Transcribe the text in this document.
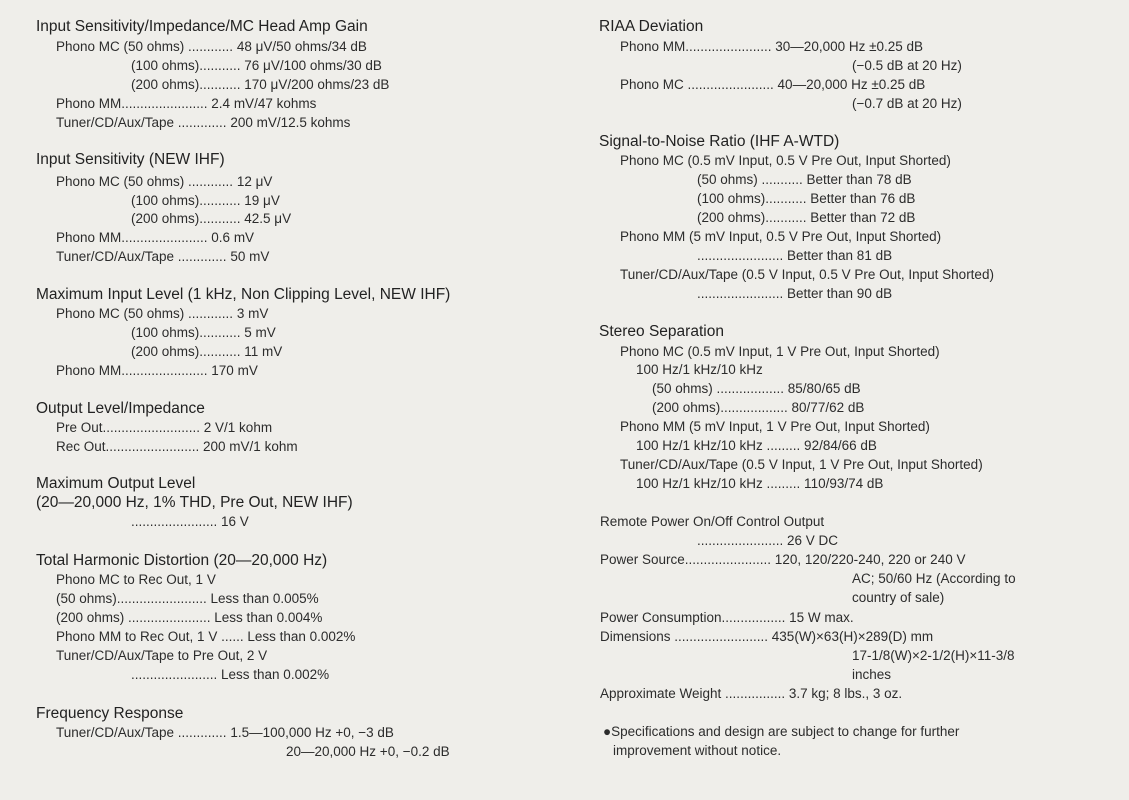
Input Sensitivity/Impedance/MC Head Amp Gain
Phono MC (50 ohms) ............ 48 μV/50 ohms/34 dB
(100 ohms)........... 76 μV/100 ohms/30 dB
(200 ohms)........... 170 μV/200 ohms/23 dB
Phono MM....................... 2.4 mV/47 kohms
Tuner/CD/Aux/Tape ............. 200 mV/12.5 kohms
Input Sensitivity (NEW IHF)
Phono MC (50 ohms) ............ 12 μV
(100 ohms)........... 19 μV
(200 ohms)........... 42.5 μV
Phono MM....................... 0.6 mV
Tuner/CD/Aux/Tape ............. 50 mV
Maximum Input Level (1 kHz, Non Clipping Level, NEW IHF)
Phono MC (50 ohms) ............ 3 mV
(100 ohms)........... 5 mV
(200 ohms)........... 11 mV
Phono MM....................... 170 mV
Output Level/Impedance
Pre Out.......................... 2 V/1 kohm
Rec Out......................... 200 mV/1 kohm
Maximum Output Level
(20—20,000 Hz, 1% THD, Pre Out, NEW IHF)
....................... 16 V
Total Harmonic Distortion (20—20,000 Hz)
Phono MC to Rec Out, 1 V
(50 ohms)........................ Less than 0.005%
(200 ohms) ...................... Less than 0.004%
Phono MM to Rec Out, 1 V ...... Less than 0.002%
Tuner/CD/Aux/Tape to Pre Out, 2 V
....................... Less than 0.002%
Frequency Response
Tuner/CD/Aux/Tape ............. 1.5—100,000 Hz +0, −3 dB
20—20,000 Hz +0, −0.2 dB
RIAA Deviation
Phono MM....................... 30—20,000 Hz ±0.25 dB
(−0.5 dB at 20 Hz)
Phono MC ....................... 40—20,000 Hz ±0.25 dB
(−0.7 dB at 20 Hz)
Signal-to-Noise Ratio (IHF A-WTD)
Phono MC (0.5 mV Input, 0.5 V Pre Out, Input Shorted)
(50 ohms) ........... Better than 78 dB
(100 ohms)........... Better than 76 dB
(200 ohms)........... Better than 72 dB
Phono MM (5 mV Input, 0.5 V Pre Out, Input Shorted)
....................... Better than 81 dB
Tuner/CD/Aux/Tape (0.5 V Input, 0.5 V Pre Out, Input Shorted)
....................... Better than 90 dB
Stereo Separation
Phono MC (0.5 mV Input, 1 V Pre Out, Input Shorted)
100 Hz/1 kHz/10 kHz
(50 ohms) .................. 85/80/65 dB
(200 ohms).................. 80/77/62 dB
Phono MM (5 mV Input, 1 V Pre Out, Input Shorted)
100 Hz/1 kHz/10 kHz ......... 92/84/66 dB
Tuner/CD/Aux/Tape (0.5 V Input, 1 V Pre Out, Input Shorted)
100 Hz/1 kHz/10 kHz ......... 110/93/74 dB
Remote Power On/Off Control Output
....................... 26 V DC
Power Source....................... 120, 120/220-240, 220 or 240 V
AC; 50/60 Hz (According to
country of sale)
Power Consumption................. 15 W max.
Dimensions ......................... 435(W)×63(H)×289(D) mm
17-1/8(W)×2-1/2(H)×11-3/8
inches
Approximate Weight ................ 3.7 kg; 8 lbs., 3 oz.
●Specifications and design are subject to change for further
improvement without notice.
